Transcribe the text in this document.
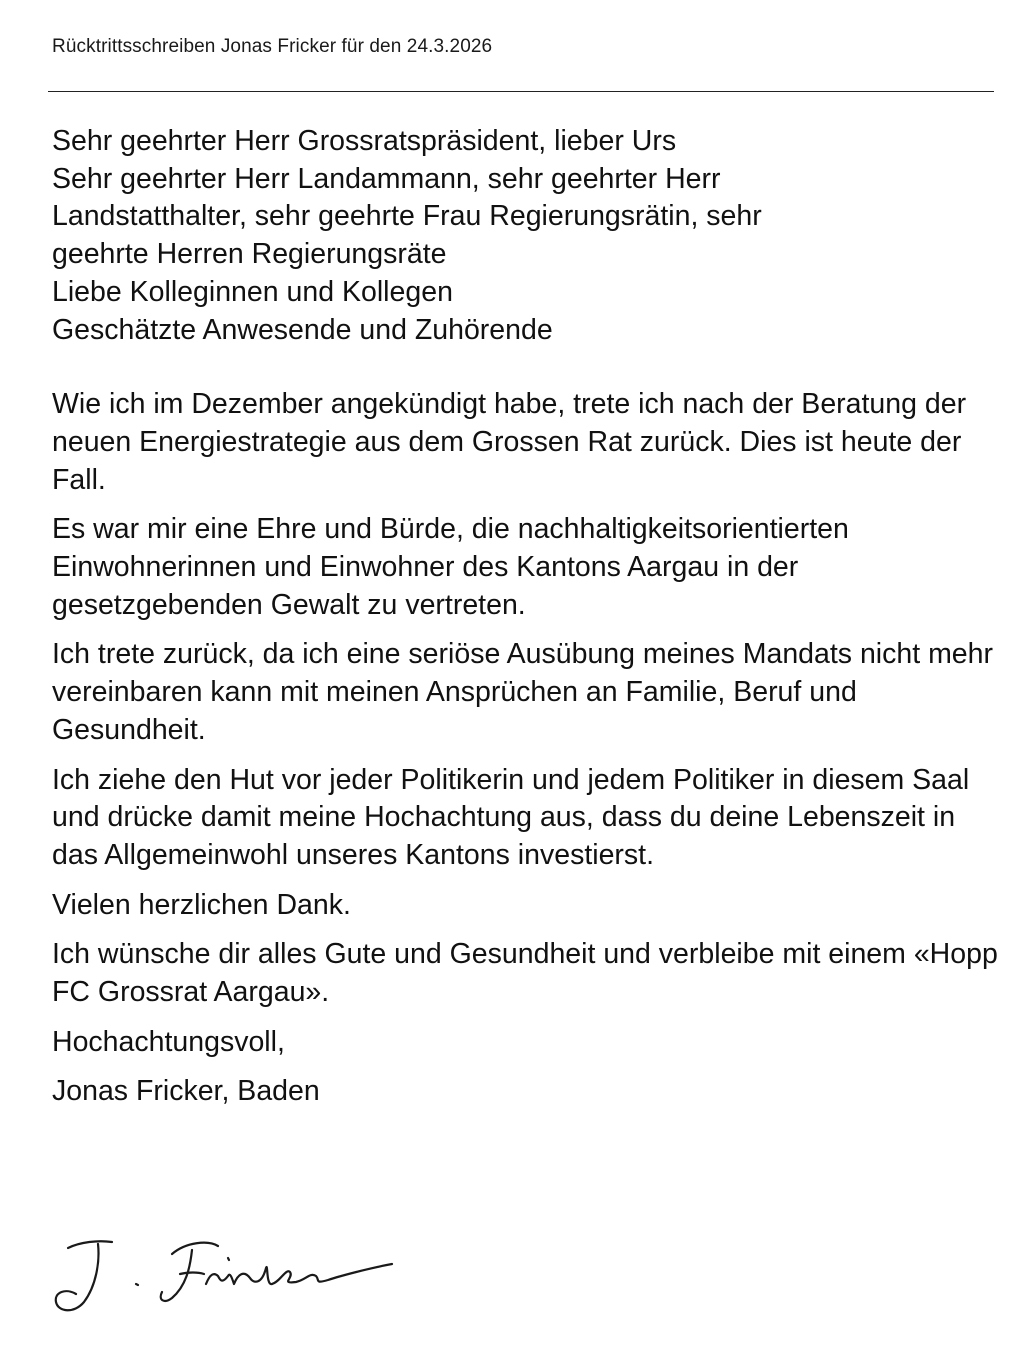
Rücktrittsschreiben Jonas Fricker für den 24.3.2026

Sehr geehrter Herr Grossratspräsident, lieber Urs

Sehr geehrter Herr Landammann, sehr geehrter Herr

Landstatthalter, sehr geehrte Frau Regierungsrätin, sehr

geehrte Herren Regierungsräte

Liebe Kolleginnen und Kollegen

Geschätzte Anwesende und Zuhörende

Wie ich im Dezember angekündigt habe, trete ich nach der Beratung der neuen Energiestrategie aus dem Grossen Rat zurück. Dies ist heute der Fall.

Es war mir eine Ehre und Bürde, die nachhaltigkeitsorientierten Einwohnerinnen und Einwohner des Kantons Aargau in der gesetzgebenden Gewalt zu vertreten.

Ich trete zurück, da ich eine seriöse Ausübung meines Mandats nicht mehr vereinbaren kann mit meinen Ansprüchen an Familie, Beruf und Gesundheit.

Ich ziehe den Hut vor jeder Politikerin und jedem Politiker in diesem Saal und drücke damit meine Hochachtung aus, dass du deine Lebenszeit in das Allgemeinwohl unseres Kantons investierst.

Vielen herzlichen Dank.

Ich wünsche dir alles Gute und Gesundheit und verbleibe mit einem «Hopp FC Grossrat Aargau».

Hochachtungsvoll,

Jonas Fricker, Baden
